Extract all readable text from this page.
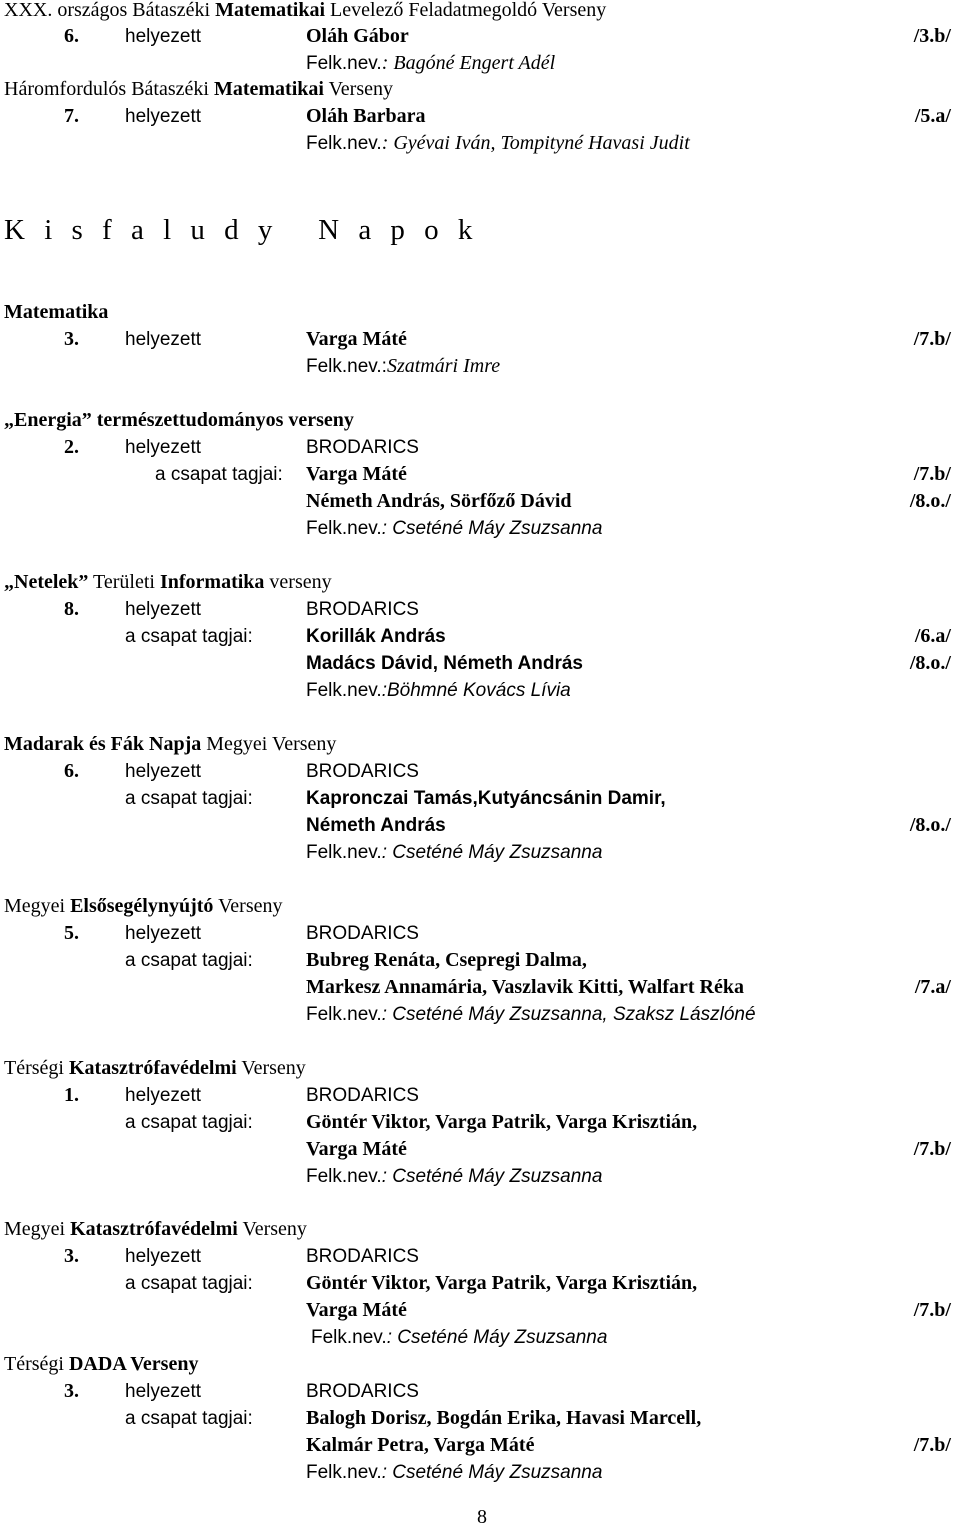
XXX. országos Bátaszéki Matematikai Levelező Feladatmegoldó Verseny
6. helyezett	Oláh Gábor	/3.b/
Felk.nev.: Bagóné Engert Adél
Háromfordulós Bátaszéki Matematikai Verseny
7. helyezett	Oláh Barbara	/5.a/
Felk.nev.: Gyévai Iván, Tompityné Havasi Judit
K i s f a l u d y   N a p o k
Matematika
3. helyezett	Varga Máté	/7.b/
Felk.nev.:Szatmári Imre
„Energia” természettudományos verseny
2. helyezett	BRODARICS
a csapat tagjai: Varga Máté	/7.b/
Németh András, Sörfőző Dávid	/8.o./
Felk.nev.: Cseténé Máy Zsuzsanna
„Netelek” Területi Informatika verseny
8. helyezett	BRODARICS
a csapat tagjai:	Korillák András	/6.a/
Madács Dávid, Németh András	/8.o./
Felk.nev.:Böhmné Kovács Lívia
Madarak és Fák Napja Megyei Verseny
6. helyezett	BRODARICS
a csapat tagjai:	Kapronczai Tamás,Kutyáncsánin Damir,
Németh András	/8.o./
Felk.nev.: Cseténé Máy Zsuzsanna
Megyei Elsősegélynyújtó Verseny
5. helyezett	BRODARICS
a csapat tagjai:	Bubreg Renáta, Csepregi Dalma,
Markesz Annamária, Vaszlavik Kitti, Walfart Réka	/7.a/
Felk.nev.: Cseténé Máy Zsuzsanna, Szaksz Lászlóné
Térségi Katasztrófavédelmi Verseny
1. helyezett	BRODARICS
a csapat tagjai:	Göntér Viktor, Varga Patrik, Varga Krisztián,
Varga Máté	/7.b/
Felk.nev.: Cseténé Máy Zsuzsanna
Megyei Katasztrófavédelmi Verseny
3. helyezett	BRODARICS
a csapat tagjai:	Göntér Viktor, Varga Patrik, Varga Krisztián,
Varga Máté	/7.b/
Felk.nev.: Cseténé Máy Zsuzsanna
Térségi DADA Verseny
3. helyezett	BRODARICS
a csapat tagjai:	Balogh Dorisz, Bogdán Erika, Havasi Marcell,
Kalmár Petra, Varga Máté	/7.b/
Felk.nev.: Cseténé Máy Zsuzsanna
8
